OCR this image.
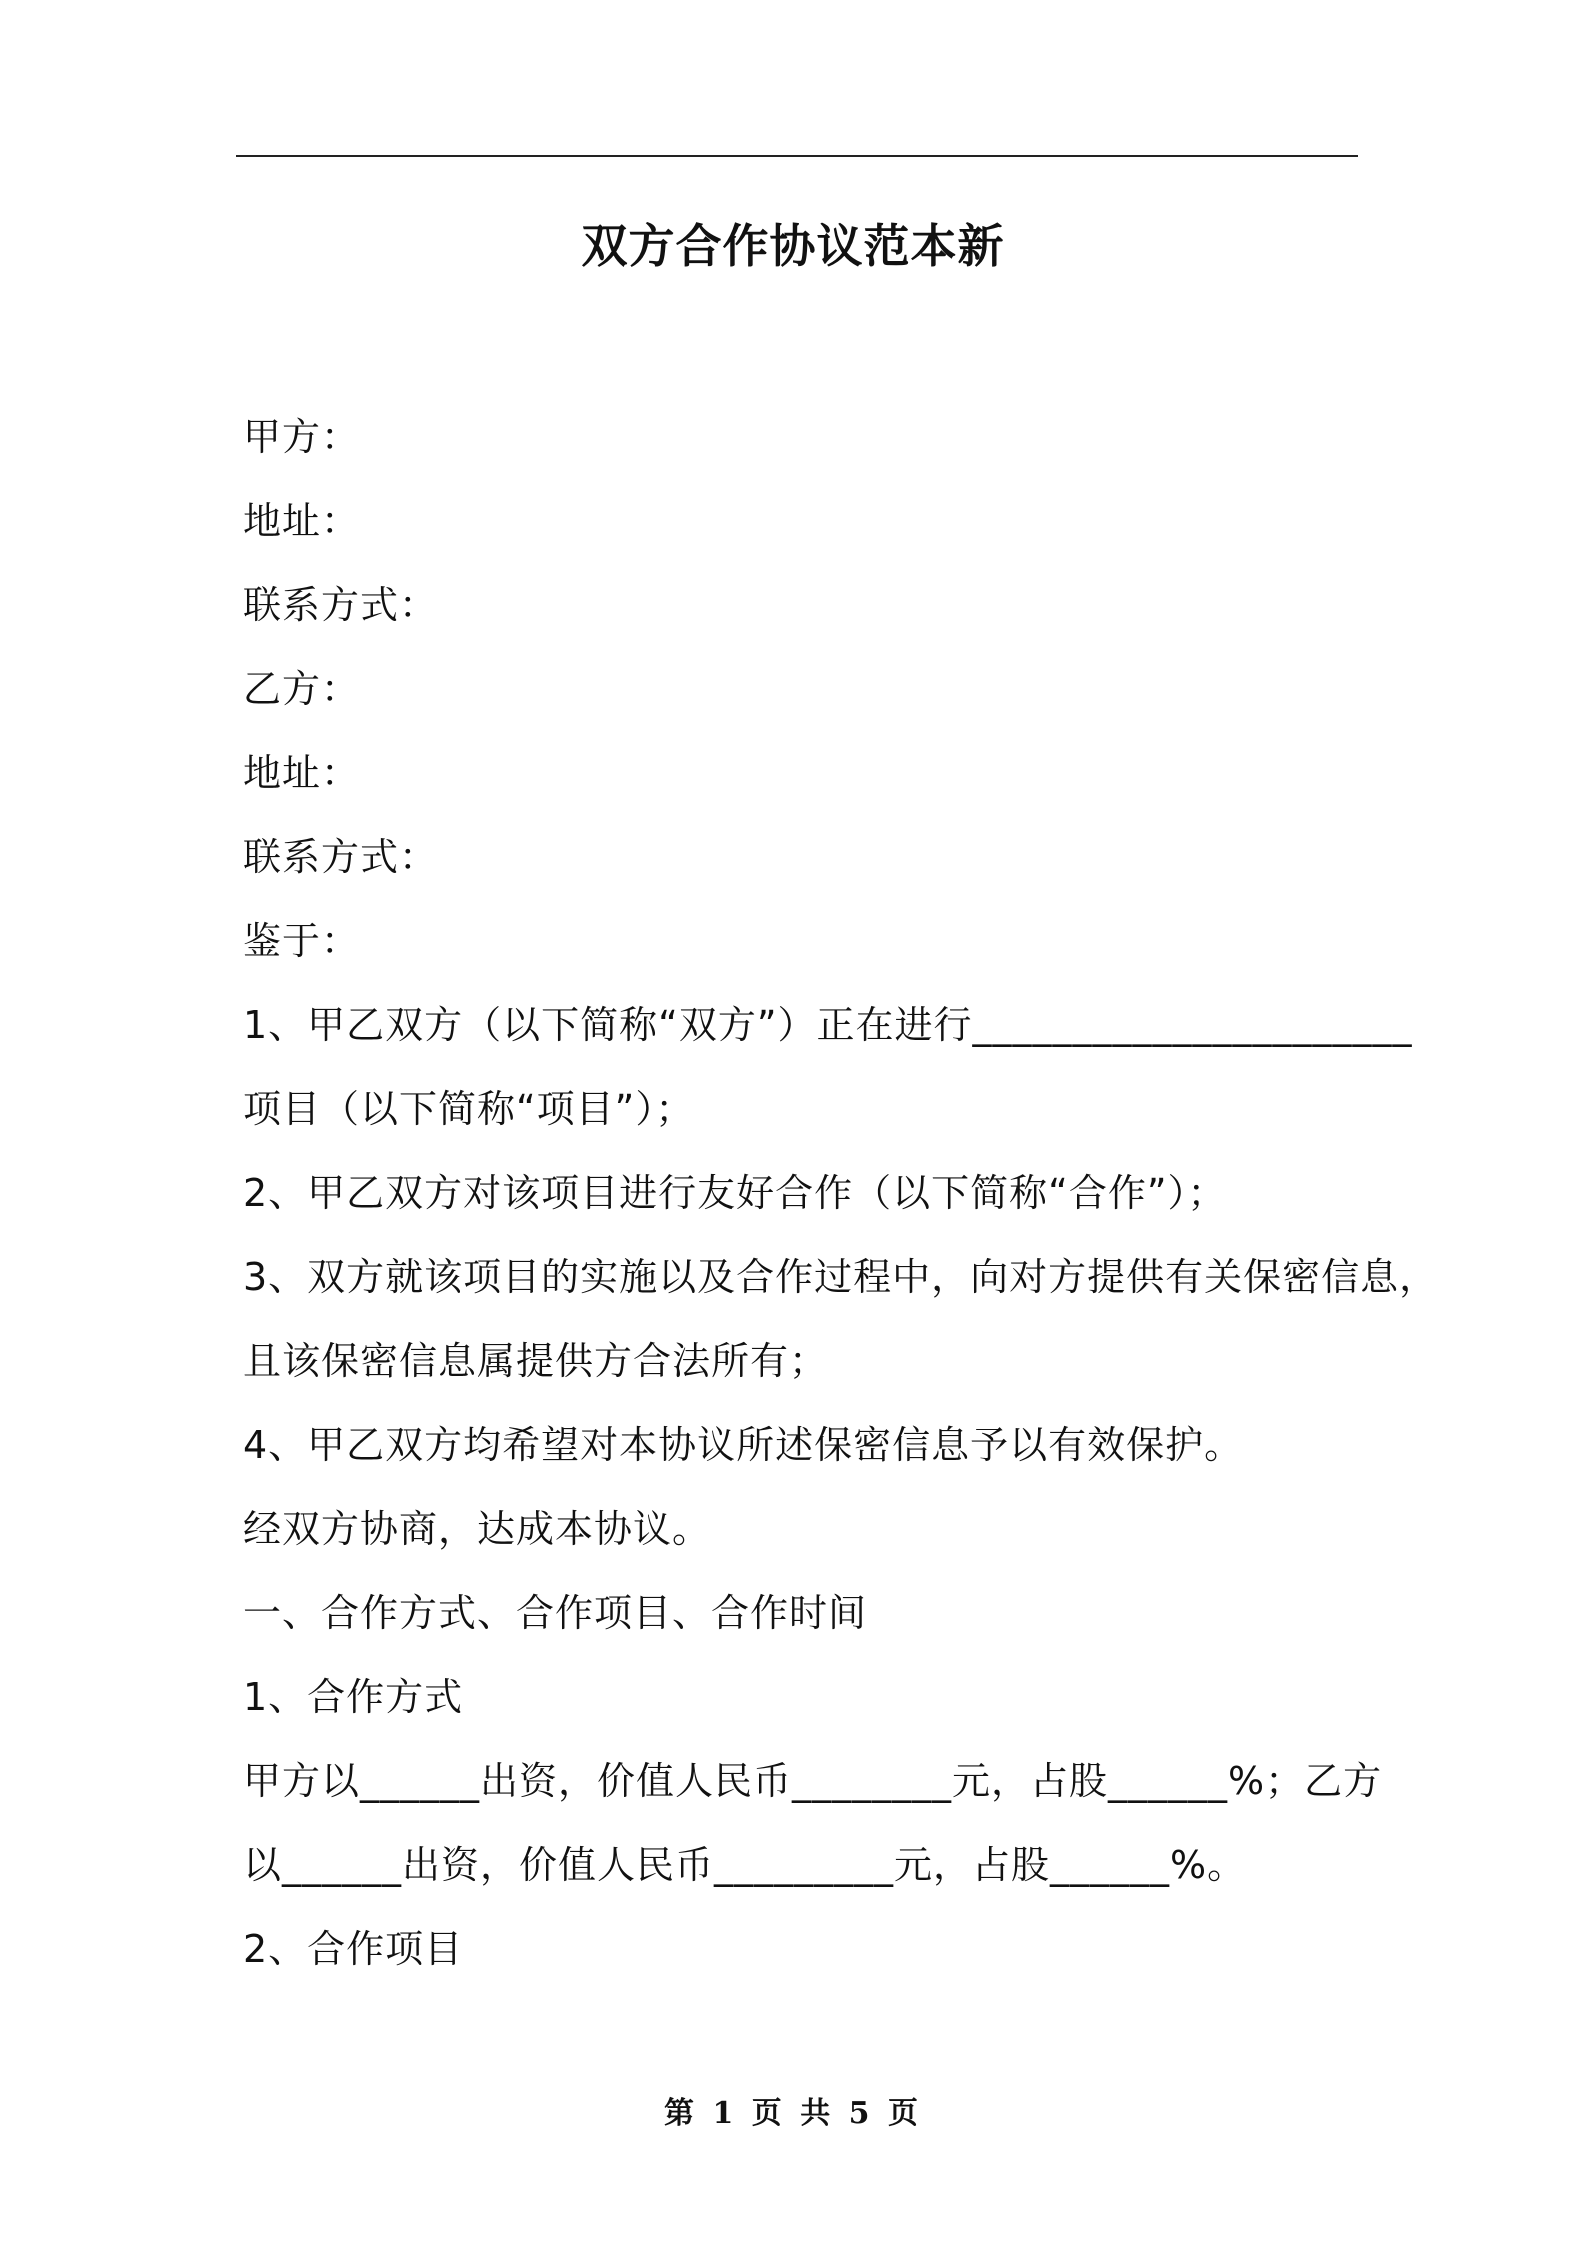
双方合作协议范本新
甲方：
地址：
联系方式：
乙方：
地址：
联系方式：
鉴于：
1、甲乙双方（以下简称“双方”）正在进行______________________
项目（以下简称“项目”）；
2、甲乙双方对该项目进行友好合作（以下简称“合作”）；
3、双方就该项目的实施以及合作过程中，向对方提供有关保密信息，
且该保密信息属提供方合法所有；
4、甲乙双方均希望对本协议所述保密信息予以有效保护。
经双方协商，达成本协议。
一、合作方式、合作项目、合作时间
1、合作方式
甲方以______出资，价值人民币________元，占股______%；乙方
以______出资，价值人民币_________元，占股______%。
2、合作项目
第 1 页 共 5 页
